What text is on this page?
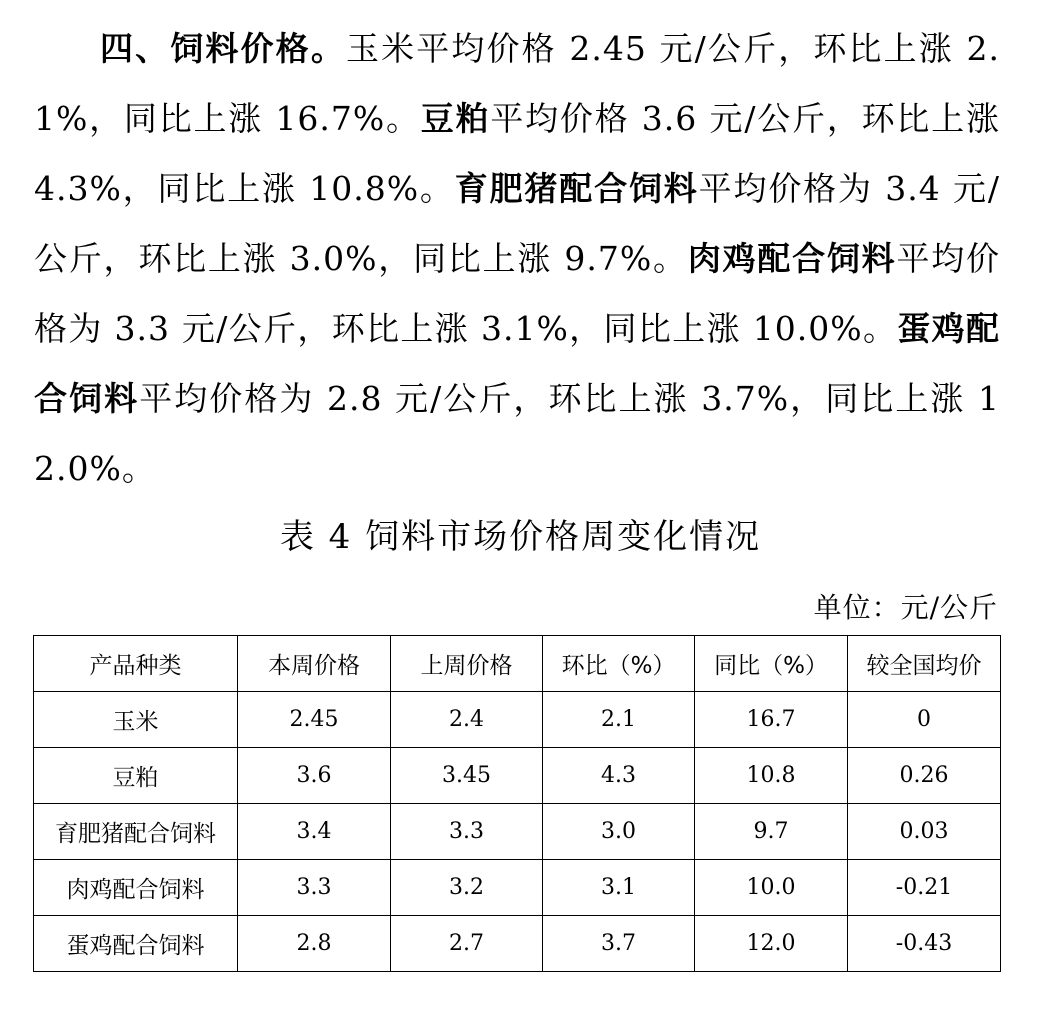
四、饲料价格。玉米平均价格 2.45 元/公斤，环比上涨 2.1%，同比上涨 16.7%。豆粕平均价格 3.6 元/公斤，环比上涨 4.3%，同比上涨 10.8%。育肥猪配合饲料平均价格为 3.4 元/公斤，环比上涨 3.0%，同比上涨 9.7%。肉鸡配合饲料平均价格为 3.3 元/公斤，环比上涨 3.1%，同比上涨 10.0%。蛋鸡配合饲料平均价格为 2.8 元/公斤，环比上涨 3.7%，同比上涨 12.0%。
表 4 饲料市场价格周变化情况
单位：元/公斤
产品种类	本周价格	上周价格	环比（%）	同比（%）	较全国均价
玉米	2.45	2.4	2.1	16.7	0
豆粕	3.6	3.45	4.3	10.8	0.26
育肥猪配合饲料	3.4	3.3	3.0	9.7	0.03
肉鸡配合饲料	3.3	3.2	3.1	10.0	-0.21
蛋鸡配合饲料	2.8	2.7	3.7	12.0	-0.43
